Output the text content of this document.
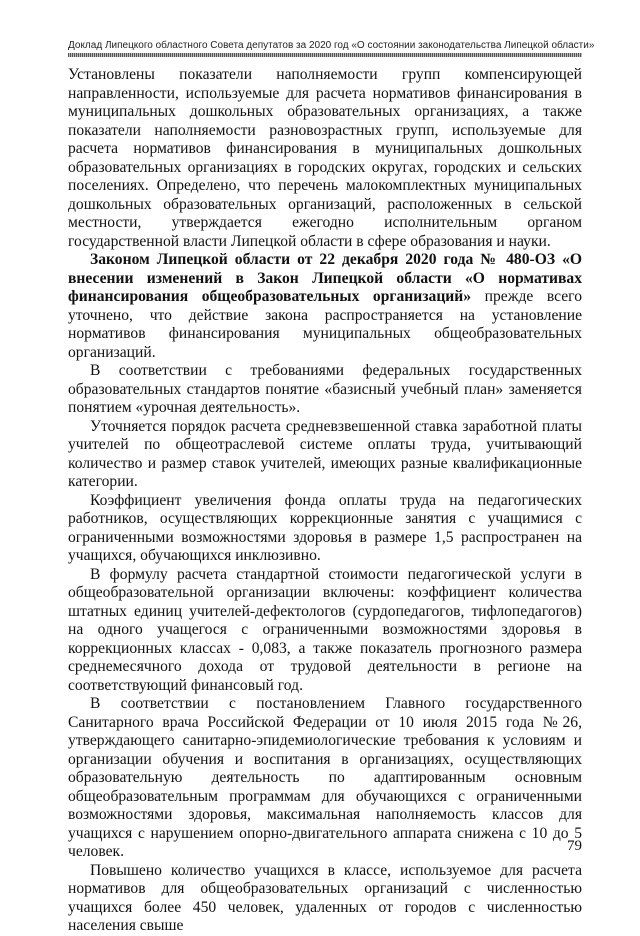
Доклад Липецкого областного Совета депутатов за 2020 год «О состоянии законодательства Липецкой области»

Установлены показатели наполняемости групп компенсирующей направленности, используемые для расчета нормативов финансирования в муниципальных дошкольных образовательных организациях, а также показатели наполняемости разновозрастных групп, используемые для расчета нормативов финансирования в муниципальных дошкольных образовательных организациях в городских округах, городских и сельских поселениях. Определено, что перечень малокомплектных муниципальных дошкольных образовательных организаций, расположенных в сельской местности, утверждается ежегодно исполнительным органом государственной власти Липецкой области в сфере образования и науки.

Законом Липецкой области от 22 декабря 2020 года № 480-ОЗ «О внесении изменений в Закон Липецкой области «О нормативах финансирования общеобразовательных организаций» прежде всего уточнено, что действие закона распространяется на установление нормативов финансирования муниципальных общеобразовательных организаций.

В соответствии с требованиями федеральных государственных образовательных стандартов понятие «базисный учебный план» заменяется понятием «урочная деятельность».

Уточняется порядок расчета средневзвешенной ставка заработной платы учителей по общеотраслевой системе оплаты труда, учитывающий количество и размер ставок учителей, имеющих разные квалификационные категории.

Коэффициент увеличения фонда оплаты труда на педагогических работников, осуществляющих коррекционные занятия с учащимися с ограниченными возможностями здоровья в размере 1,5 распространен на учащихся, обучающихся инклюзивно.

В формулу расчета стандартной стоимости педагогической услуги в общеобразовательной организации включены: коэффициент количества штатных единиц учителей-дефектологов (сурдопедагогов, тифлопедагогов) на одного учащегося с ограниченными возможностями здоровья в коррекционных классах - 0,083, а также показатель прогнозного размера среднемесячного дохода от трудовой деятельности в регионе на соответствующий финансовый год.

В соответствии с постановлением Главного государственного Санитарного врача Российской Федерации от 10 июля 2015 года №26, утверждающего санитарно-эпидемиологические требования к условиям и организации обучения и воспитания в организациях, осуществляющих образовательную деятельность по адаптированным основным общеобразовательным программам для обучающихся с ограниченными возможностями здоровья, максимальная наполняемость классов для учащихся с нарушением опорно-двигательного аппарата снижена с 10 до 5 человек.

Повышено количество учащихся в классе, используемое для расчета нормативов для общеобразовательных организаций с численностью учащихся более 450 человек, удаленных от городов с численностью населения свыше

79
